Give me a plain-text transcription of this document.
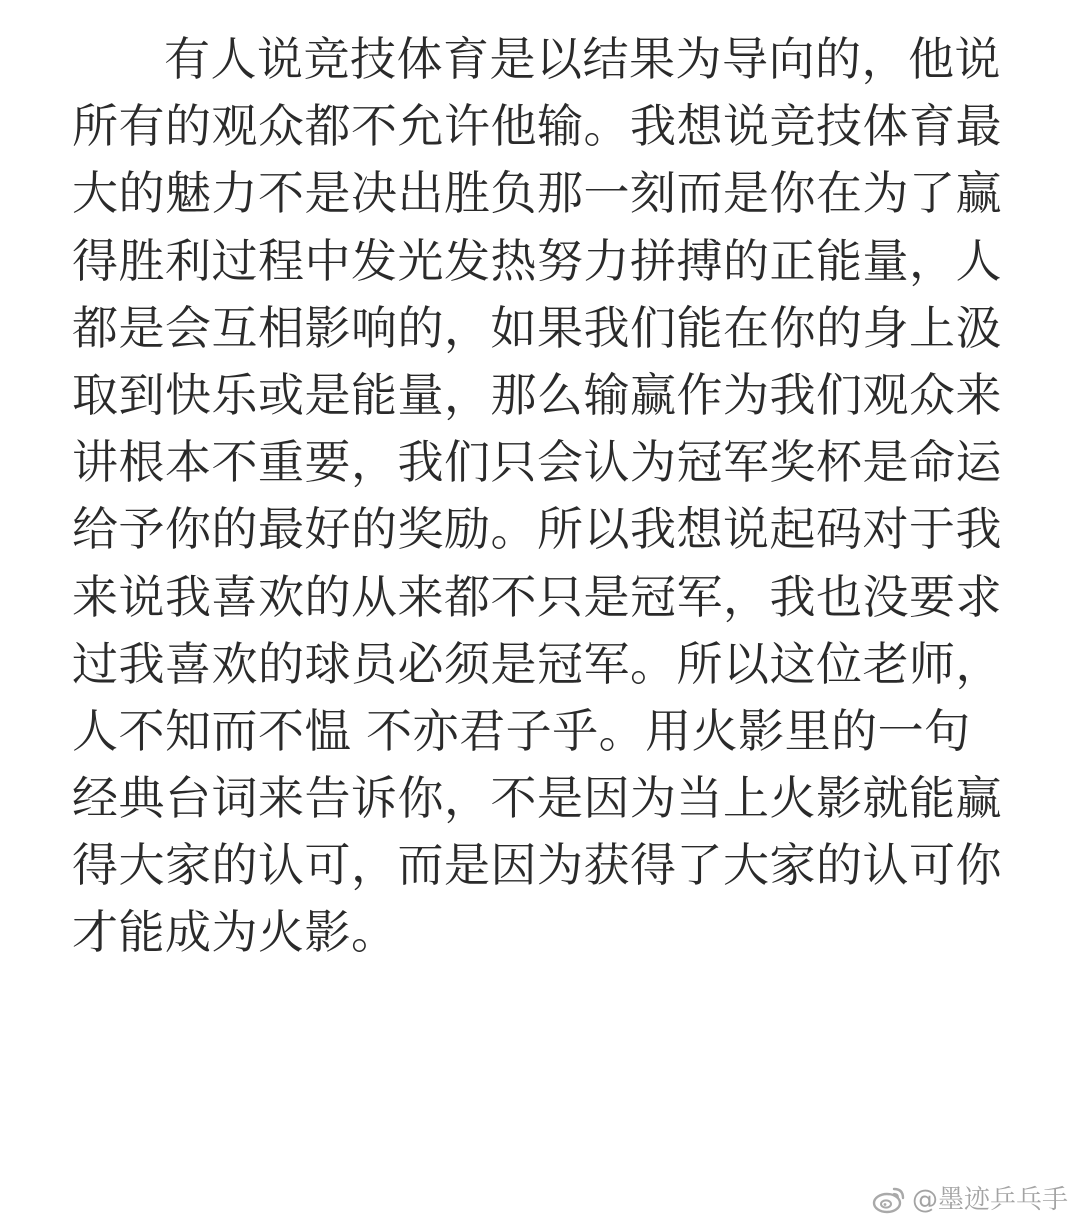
有人说竞技体育是以结果为导向的，他说
所有的观众都不允许他输。我想说竞技体育最
大的魅力不是决出胜负那一刻而是你在为了赢
得胜利过程中发光发热努力拼搏的正能量，人
都是会互相影响的，如果我们能在你的身上汲
取到快乐或是能量，那么输赢作为我们观众来
讲根本不重要，我们只会认为冠军奖杯是命运
给予你的最好的奖励。所以我想说起码对于我
来说我喜欢的从来都不只是冠军，我也没要求
过我喜欢的球员必须是冠军。所以这位老师，
人不知而不愠 不亦君子乎。用火影里的一句
经典台词来告诉你，不是因为当上火影就能赢
得大家的认可，而是因为获得了大家的认可你
才能成为火影。
@墨迹乒乓手
